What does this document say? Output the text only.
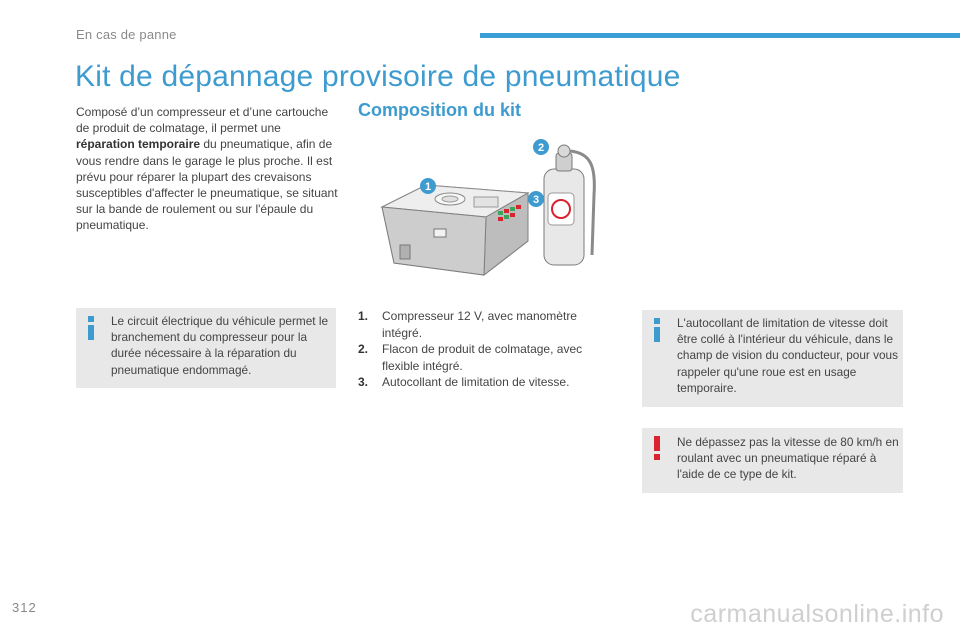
En cas de panne
Kit de dépannage provisoire de pneumatique
Composé d’un compresseur et d’une cartouche de produit de colmatage, il permet une réparation temporaire du pneumatique, afin de vous rendre dans le garage le plus proche. Il est prévu pour réparer la plupart des crevaisons susceptibles d'affecter le pneumatique, se situant sur la bande de roulement ou sur l'épaule du pneumatique.
Le circuit électrique du véhicule permet le branchement du compresseur pour la durée nécessaire à la réparation du pneumatique endommagé.
Composition du kit
1
2
3
1. Compresseur 12 V, avec manomètre intégré.
2. Flacon de produit de colmatage, avec flexible intégré.
3. Autocollant de limitation de vitesse.
L'autocollant de limitation de vitesse doit être collé à l'intérieur du véhicule, dans le champ de vision du conducteur, pour vous rappeler qu'une roue est en usage temporaire.
Ne dépassez pas la vitesse de 80 km/h en roulant avec un pneumatique réparé à l'aide de ce type de kit.
312	carmanualsonline.info
